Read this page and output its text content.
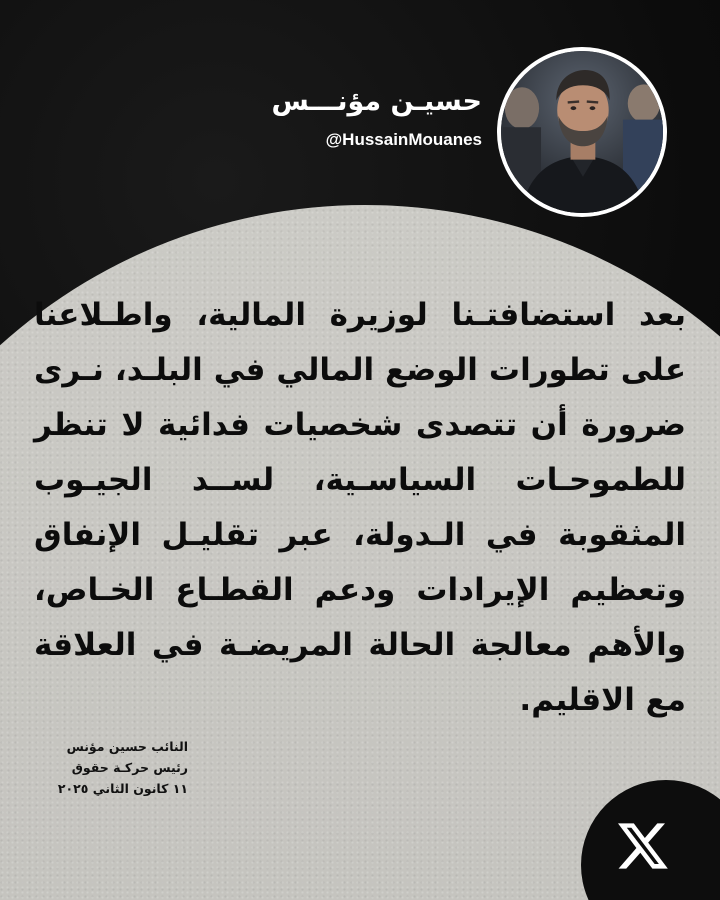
حسيـن مؤنـــس

@HussainMouanes

بعد استضافتـنا لوزيرة المالية، واطـلاعنا
على تطورات الوضع المالي في البلـد، نـرى
ضرورة أن تتصدى شخصيات فدائية لا تنظر
للطموحـات السياسـية، لســد الجيـوب
المثقوبة في الـدولة، عبر تقليـل الإنفاق
وتعظيم الإيرادات ودعم القطـاع الخـاص،
والأهم معالجة الحالة المريضـة في العلاقة
مع الاقليم.
النائب حسين مؤنس
رئيس حركـة حقوق
١١ كانون الثاني ٢٠٢٥
